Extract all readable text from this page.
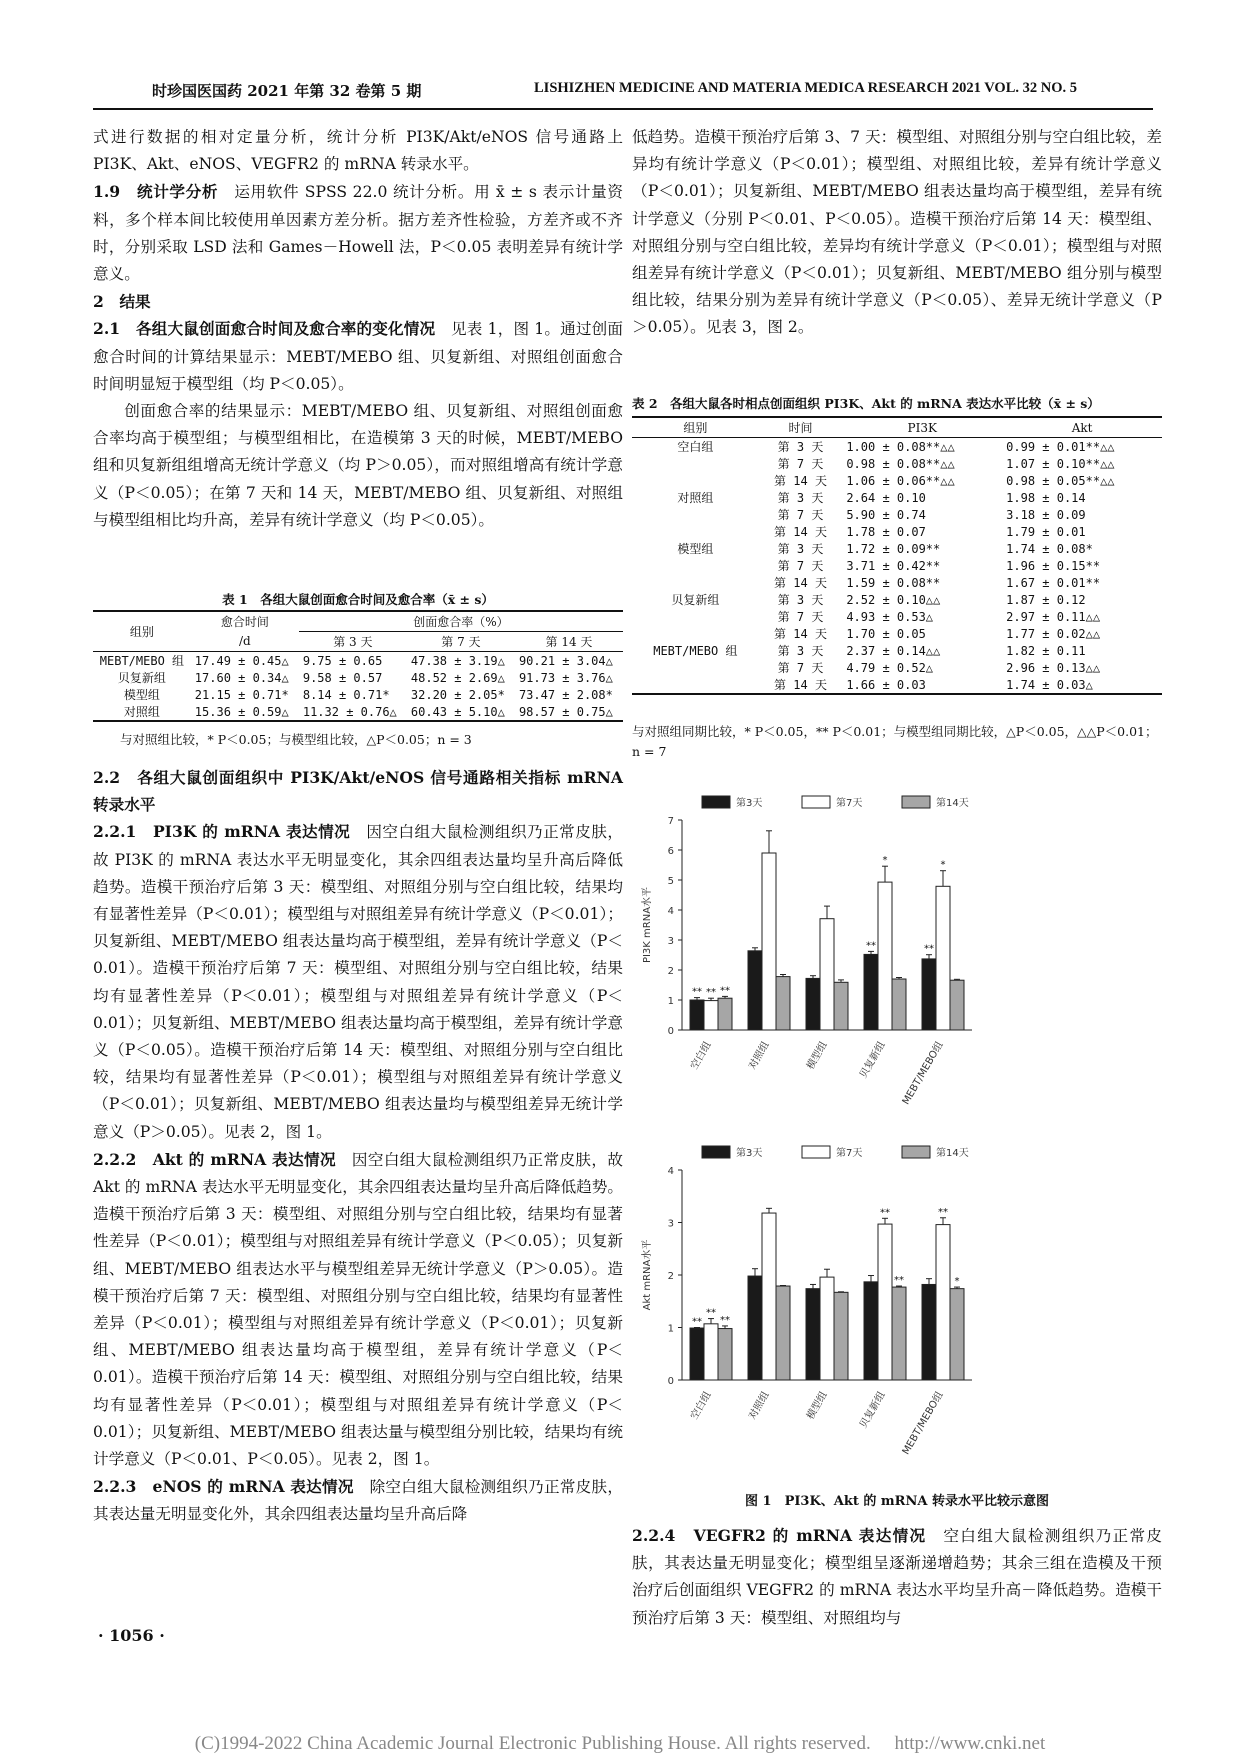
时珍国医国药 2021 年第 32 卷第 5 期	LISHIZHEN MEDICINE AND MATERIA MEDICA RESEARCH 2021 VOL. 32 NO. 5

式进行数据的相对定量分析，统计分析 PI3K/Akt/eNOS 信号通路上 PI3K、Akt、eNOS、VEGFR2 的 mRNA 转录水平。

1.9　统计学分析　 运用软件 SPSS 22.0 统计分析。用 x̄ ± s 表示计量资料，多个样本间比较使用单因素方差分析。据方差齐性检验，方差齐或不齐时，分别采取 LSD 法和 Games－Howell 法，P＜0.05 表明差异有统计学意义。

2　结果

2.1　各组大鼠创面愈合时间及愈合率的变化情况　 见表 1，图 1。通过创面愈合时间的计算结果显示：MEBT/MEBO 组、贝复新组、对照组创面愈合时间明显短于模型组（均 P＜0.05）。

创面愈合率的结果显示：MEBT/MEBO 组、贝复新组、对照组创面愈合率均高于模型组；与模型组相比，在造模第 3 天的时候，MEBT/MEBO 组和贝复新组组增高无统计学意义（均 P＞0.05），而对照组增高有统计学意义（P＜0.05）；在第 7 天和 14 天，MEBT/MEBO 组、贝复新组、对照组与模型组相比均升高，差异有统计学意义（均 P＜0.05）。

表 1　各组大鼠创面愈合时间及愈合率（x̄ ± s）
组别	愈合时间	创面愈合率（%）		
	/d	第 3 天	第 7 天	第 14 天
MEBT/MEBO 组	17.49 ± 0.45△	9.75 ± 0.65	47.38 ± 3.19△	90.21 ± 3.04△
贝复新组	17.60 ± 0.34△	9.58 ± 0.57	48.52 ± 2.69△	91.73 ± 3.76△
模型组	21.15 ± 0.71*	8.14 ± 0.71*	32.20 ± 2.05*	73.47 ± 2.08*
对照组	15.36 ± 0.59△	11.32 ± 0.76△	60.43 ± 5.10△	98.57 ± 0.75△
与对照组比较，* P＜0.05；与模型组比较，△P＜0.05；n = 3

2.2　各组大鼠创面组织中 PI3K/Akt/eNOS 信号通路相关指标 mRNA 转录水平

2.2.1　PI3K 的 mRNA 表达情况　 因空白组大鼠检测组织乃正常皮肤，故 PI3K 的 mRNA 表达水平无明显变化，其余四组表达量均呈升高后降低趋势。造模干预治疗后第 3 天：模型组、对照组分别与空白组比较，结果均有显著性差异（P＜0.01）；模型组与对照组差异有统计学意义（P＜0.01）；贝复新组、MEBT/MEBO 组表达量均高于模型组，差异有统计学意义（P＜0.01）。造模干预治疗后第 7 天：模型组、对照组分别与空白组比较，结果均有显著性差异（P＜0.01）；模型组与对照组差异有统计学意义（P＜0.01）；贝复新组、MEBT/MEBO 组表达量均高于模型组，差异有统计学意义（P＜0.05）。造模干预治疗后第 14 天：模型组、对照组分别与空白组比较，结果均有显著性差异（P＜0.01）；模型组与对照组差异有统计学意义（P＜0.01）；贝复新组、MEBT/MEBO 组表达量均与模型组差异无统计学意义（P＞0.05）。见表 2，图 1。

2.2.2　Akt 的 mRNA 表达情况　 因空白组大鼠检测组织乃正常皮肤，故 Akt 的 mRNA 表达水平无明显变化，其余四组表达量均呈升高后降低趋势。造模干预治疗后第 3 天：模型组、对照组分别与空白组比较，结果均有显著性差异（P＜0.01）；模型组与对照组差异有统计学意义（P＜0.05）；贝复新组、MEBT/MEBO 组表达水平与模型组差异无统计学意义（P＞0.05）。造模干预治疗后第 7 天：模型组、对照组分别与空白组比较，结果均有显著性差异（P＜0.01）；模型组与对照组差异有统计学意义（P＜0.01）；贝复新组、MEBT/MEBO 组表达量均高于模型组，差异有统计学意义（P＜0.01）。造模干预治疗后第 14 天：模型组、对照组分别与空白组比较，结果均有显著性差异（P＜0.01）；模型组与对照组差异有统计学意义（P＜0.01）；贝复新组、MEBT/MEBO 组表达量与模型组分别比较，结果均有统计学意义（P＜0.01、P＜0.05）。见表 2，图 1。

2.2.3　eNOS 的 mRNA 表达情况　 除空白组大鼠检测组织乃正常皮肤，其表达量无明显变化外，其余四组表达量均呈升高后降

· 1056 ·

低趋势。造模干预治疗后第 3、7 天：模型组、对照组分别与空白组比较，差异均有统计学意义（P＜0.01）；模型组、对照组比较，差异有统计学意义（P＜0.01）；贝复新组、MEBT/MEBO 组表达量均高于模型组，差异有统计学意义（分别 P＜0.01、P＜0.05）。造模干预治疗后第 14 天：模型组、对照组分别与空白组比较，差异均有统计学意义（P＜0.01）；模型组与对照组差异有统计学意义（P＜0.01）；贝复新组、MEBT/MEBO 组分别与模型组比较，结果分别为差异有统计学意义（P＜0.05）、差异无统计学意义（P＞0.05）。见表 3，图 2。

表 2　各组大鼠各时相点创面组织 PI3K、Akt 的 mRNA 表达水平比较（x̄ ± s）
组别	时间	PI3K	Akt
空白组	第 3 天	1.00 ± 0.08**△△	0.99 ± 0.01**△△
	第 7 天	0.98 ± 0.08**△△	1.07 ± 0.10**△△
	第 14 天	1.06 ± 0.06**△△	0.98 ± 0.05**△△
对照组	第 3 天	2.64 ± 0.10	1.98 ± 0.14
	第 7 天	5.90 ± 0.74	3.18 ± 0.09
	第 14 天	1.78 ± 0.07	1.79 ± 0.01
模型组	第 3 天	1.72 ± 0.09**	1.74 ± 0.08*
	第 7 天	3.71 ± 0.42**	1.96 ± 0.15**
	第 14 天	1.59 ± 0.08**	1.67 ± 0.01**
贝复新组	第 3 天	2.52 ± 0.10△△	1.87 ± 0.12
	第 7 天	4.93 ± 0.53△	2.97 ± 0.11△△
	第 14 天	1.70 ± 0.05	1.77 ± 0.02△△
MEBT/MEBO 组	第 3 天	2.37 ± 0.14△△	1.82 ± 0.11
	第 7 天	4.79 ± 0.52△	2.96 ± 0.13△△
	第 14 天	1.66 ± 0.03	1.74 ± 0.03△
与对照组同期比较，* P＜0.05，** P＜0.01；与模型组同期比较，△P＜0.05，△△P＜0.01；n = 7
0
1
2
3
4
5
6
7
PI3K mRNA水平
第3天	第7天	第14天
空白组	对照组	模型组	贝复新组 MEBT/MEBO组
** ** **
**
*
**
*
0
1
2
3
4
Akt mRNA水平
第3天	第7天	第14天
空白组	对照组	模型组	贝复新组 MEBT/MEBO组
**
**
**
**
**
**
*
图 1　PI3K、Akt 的 mRNA 转录水平比较示意图

2.2.4　VEGFR2 的 mRNA 表达情况　 空白组大鼠检测组织乃正常皮肤，其表达量无明显变化；模型组呈逐渐递增趋势；其余三组在造模及干预治疗后创面组织 VEGFR2 的 mRNA 表达水平均呈升高－降低趋势。造模干预治疗后第 3 天：模型组、对照组均与

(C)1994-2022 China Academic Journal Electronic Publishing House. All rights reserved.　 http://www.cnki.net
